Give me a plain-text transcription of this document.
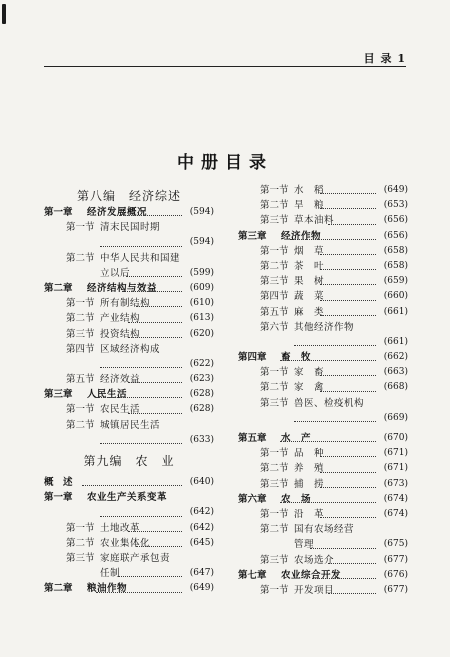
目 录 1
中册目录
第八编　经济综述
第一章 经济发展概况	(594)
第一节 清末民国时期
(594)
第二节 中华人民共和国建
立以后	(599)
第二章 经济结构与效益	(609)
第一节 所有制结构	(610)
第二节 产业结构	(613)
第三节 投资结构	(620)
第四节 区域经济构成
(622)
第五节 经济效益	(623)
第三章 人民生活	(628)
第一节 农民生活	(628)
第二节 城镇居民生活
(633)
第九编　农　业
概　述	(640)
第一章 农业生产关系变革
(642)
第一节 土地改革	(642)
第二节 农业集体化	(645)
第三节 家庭联产承包责
任制	(647)
第二章 粮油作物	(649)
第一节 水　稻	(649)
第二节 旱　粮	(653)
第三节 草本油料	(656)
第三章 经济作物	(656)
第一节 烟　草	(658)
第二节 茶　叶	(658)
第三节 果　树	(659)
第四节 蔬　菜	(660)
第五节 麻　类	(661)
第六节 其他经济作物
(661)
第四章 畜　牧	(662)
第一节 家　畜	(663)
第二节 家　禽	(668)
第三节 兽医、检疫机构
(669)
第五章 水　产	(670)
第一节 品　种	(671)
第二节 养　殖	(671)
第三节 捕　捞	(673)
第六章 农　场	(674)
第一节 沿　革	(674)
第二节 国有农场经营
管理	(675)
第三节 农场选介	(677)
第七章 农业综合开发	(676)
第一节 开发项目	(677)
